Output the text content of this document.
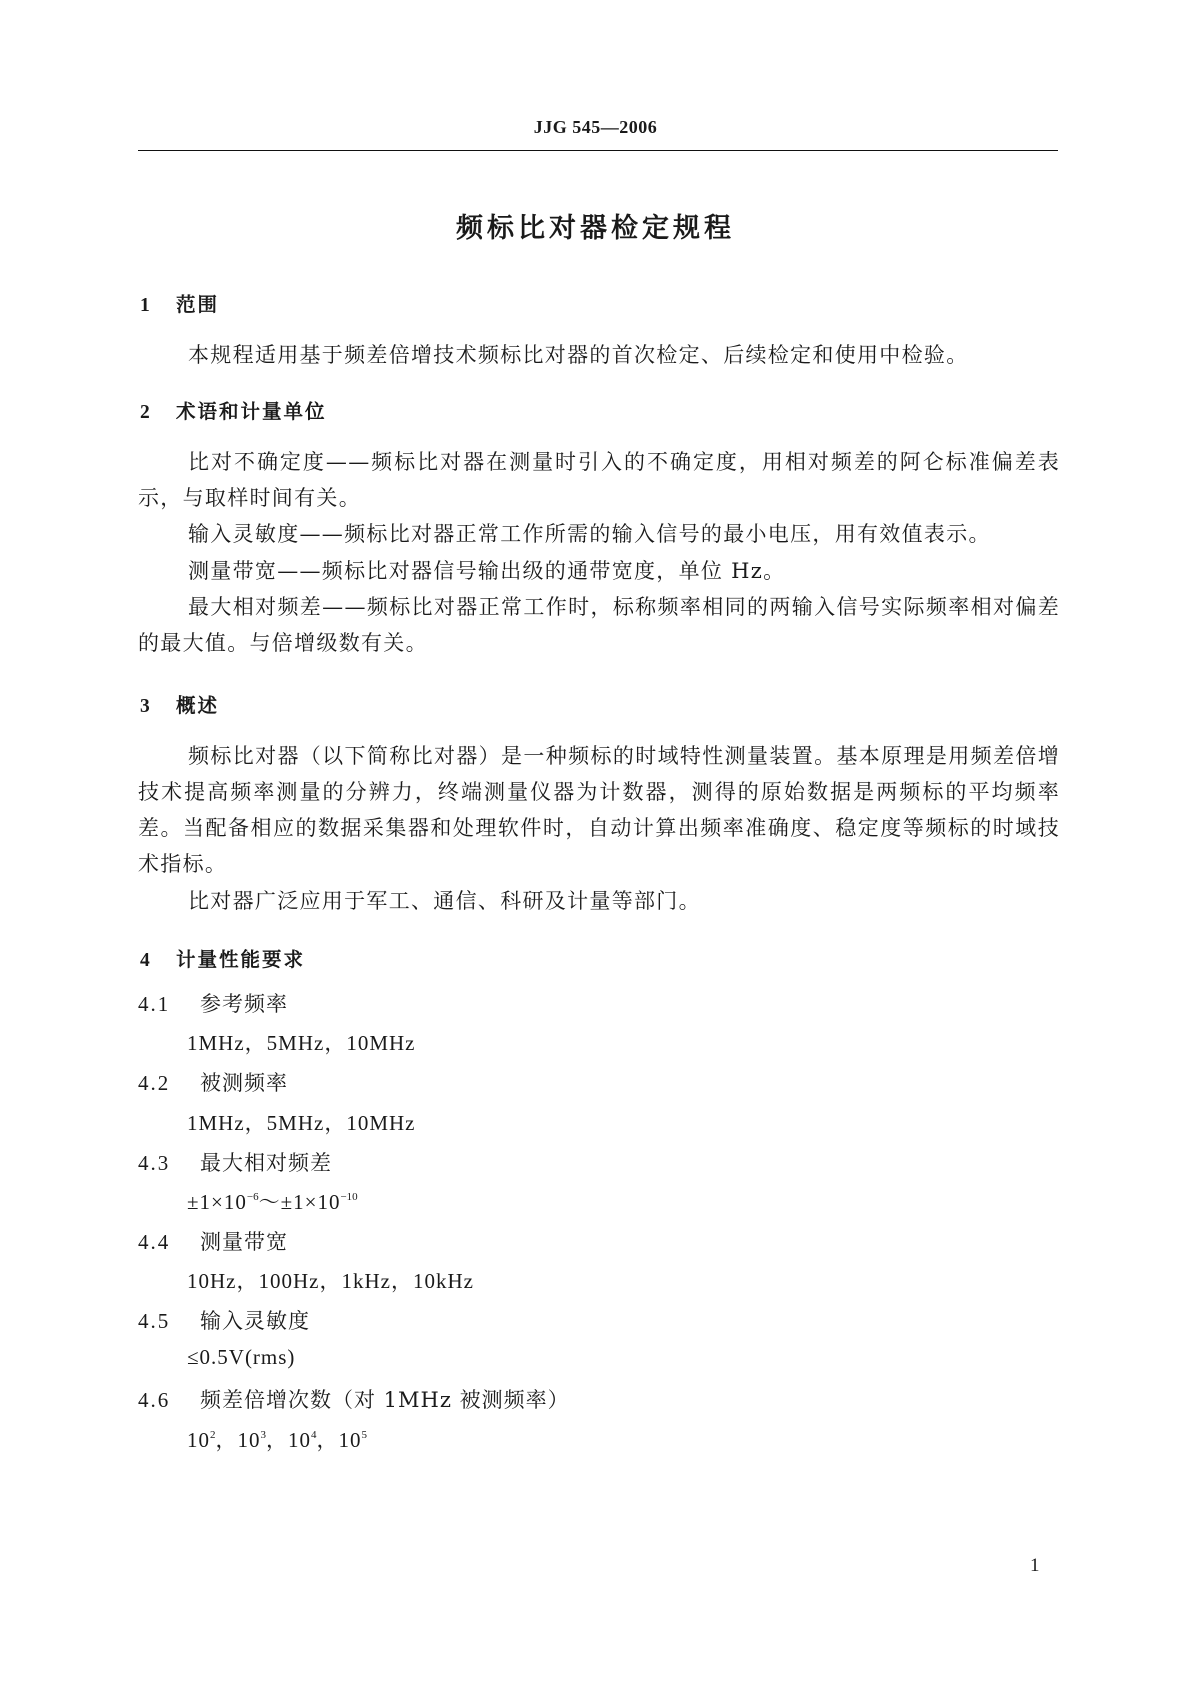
JJG 545—2006
频标比对器检定规程
1 范围

本规程适用基于频差倍增技术频标比对器的首次检定、后续检定和使用中检验。

2 术语和计量单位

比对不确定度——频标比对器在测量时引入的不确定度，用相对频差的阿仑标准偏差表示，与取样时间有关。

输入灵敏度——频标比对器正常工作所需的输入信号的最小电压，用有效值表示。

测量带宽——频标比对器信号输出级的通带宽度，单位 Hz。

最大相对频差——频标比对器正常工作时，标称频率相同的两输入信号实际频率相对偏差的最大值。与倍增级数有关。

3 概述

频标比对器（以下简称比对器）是一种频标的时域特性测量装置。基本原理是用频差倍增技术提高频率测量的分辨力，终端测量仪器为计数器，测得的原始数据是两频标的平均频率差。当配备相应的数据采集器和处理软件时，自动计算出频率准确度、稳定度等频标的时域技术指标。

比对器广泛应用于军工、通信、科研及计量等部门。

4 计量性能要求
4.1 参考频率
1MHz，5MHz，10MHz
4.2 被测频率
1MHz，5MHz，10MHz
4.3 最大相对频差
$\pm 1\times 10^{-6}\sim\pm 1\times 10^{-10}$
4.4 测量带宽
10Hz，100Hz，1kHz，10kHz
4.5 输入灵敏度
≤0.5V(rms)
4.6 频差倍增次数（对 1MHz 被测频率）
$10^2$，$10^3$，$10^4$，$10^5$
1
